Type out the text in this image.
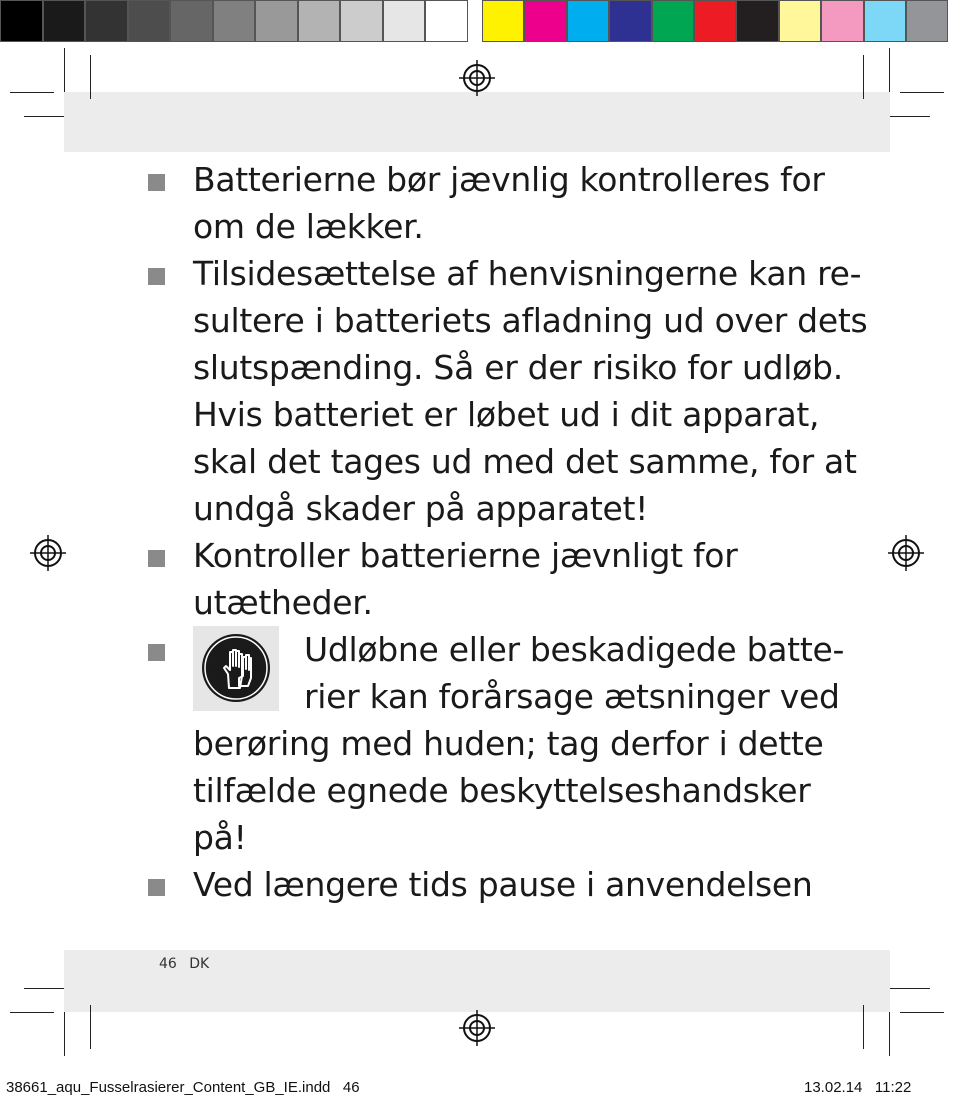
Batterierne bør jævnlig kontrolleres for
om de lækker.
Tilsidesættelse af henvisningerne kan re-
sultere i batteriets afladning ud over dets
slutspænding. Så er der risiko for udløb.
Hvis batteriet er løbet ud i dit apparat,
skal det tages ud med det samme, for at
undgå skader på apparatet!
Kontroller batterierne jævnligt for
utætheder.
Udløbne eller beskadigede batte-
rier kan forårsage ætsninger ved
berøring med huden; tag derfor i dette
tilfælde egnede beskyttelseshandsker
på!
Ved længere tids pause i anvendelsen
46 DK
38661_aqu_Fusselrasierer_Content_GB_IE.indd   46	13.02.14   11:22
